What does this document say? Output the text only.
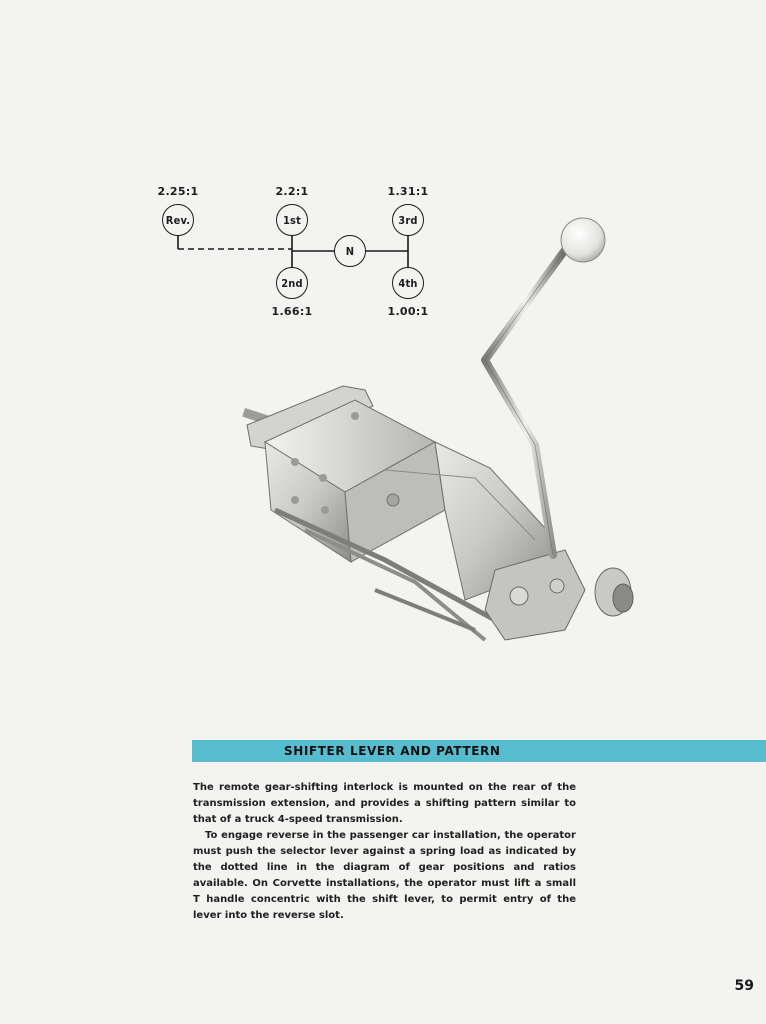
2.25:1	2.2:1	1.31:1
Rev.	1st	3rd
N
2nd	4th
1.66:1	1.00:1
SHIFTER LEVER AND PATTERN

The remote gear-shifting interlock is mounted on the rear of the transmission extension, and provides a shifting pattern similar to that of a truck 4-speed transmission.

To engage reverse in the passenger car installation, the operator must push the selector lever against a spring load as indicated by the dotted line in the diagram of gear positions and ratios available. On Corvette installations, the operator must lift a small T handle concentric with the shift lever, to permit entry of the lever into the reverse slot.

59
